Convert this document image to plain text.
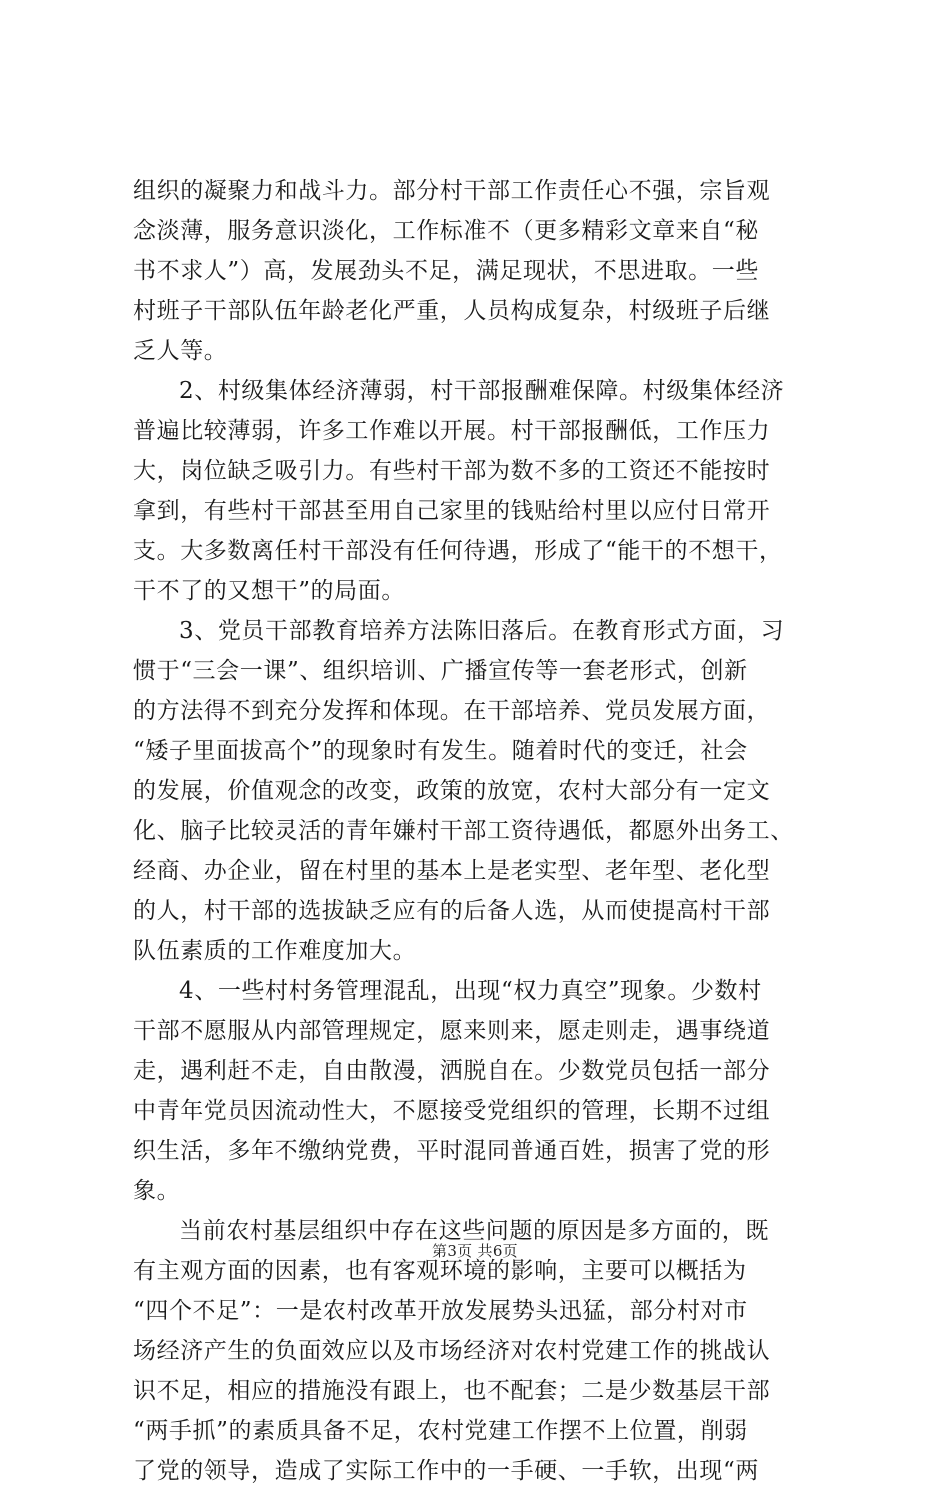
组织的凝聚力和战斗力。部分村干部工作责任心不强，宗旨观
念淡薄，服务意识淡化，工作标准不（更多精彩文章来自“秘
书不求人”）高，发展劲头不足，满足现状，不思进取。一些
村班子干部队伍年龄老化严重，人员构成复杂，村级班子后继
乏人等。
2、村级集体经济薄弱，村干部报酬难保障。村级集体经济
普遍比较薄弱，许多工作难以开展。村干部报酬低，工作压力
大，岗位缺乏吸引力。有些村干部为数不多的工资还不能按时
拿到，有些村干部甚至用自己家里的钱贴给村里以应付日常开
支。大多数离任村干部没有任何待遇，形成了“能干的不想干，
干不了的又想干”的局面。
3、党员干部教育培养方法陈旧落后。在教育形式方面，习
惯于“三会一课”、组织培训、广播宣传等一套老形式，创新
的方法得不到充分发挥和体现。在干部培养、党员发展方面，
“矮子里面拔高个”的现象时有发生。随着时代的变迁，社会
的发展，价值观念的改变，政策的放宽，农村大部分有一定文
化、脑子比较灵活的青年嫌村干部工资待遇低，都愿外出务工、
经商、办企业，留在村里的基本上是老实型、老年型、老化型
的人，村干部的选拔缺乏应有的后备人选，从而使提高村干部
队伍素质的工作难度加大。
4、一些村村务管理混乱，出现“权力真空”现象。少数村
干部不愿服从内部管理规定，愿来则来，愿走则走，遇事绕道
走，遇利赶不走，自由散漫，洒脱自在。少数党员包括一部分
中青年党员因流动性大，不愿接受党组织的管理，长期不过组
织生活，多年不缴纳党费，平时混同普通百姓，损害了党的形
象。
当前农村基层组织中存在这些问题的原因是多方面的，既
有主观方面的因素，也有客观环境的影响，主要可以概括为
“四个不足”：一是农村改革开放发展势头迅猛，部分村对市
场经济产生的负面效应以及市场经济对农村党建工作的挑战认
识不足，相应的措施没有跟上，也不配套；二是少数基层干部
“两手抓”的素质具备不足，农村党建工作摆不上位置，削弱
了党的领导，造成了实际工作中的一手硬、一手软，出现“两
第3页 共6页
